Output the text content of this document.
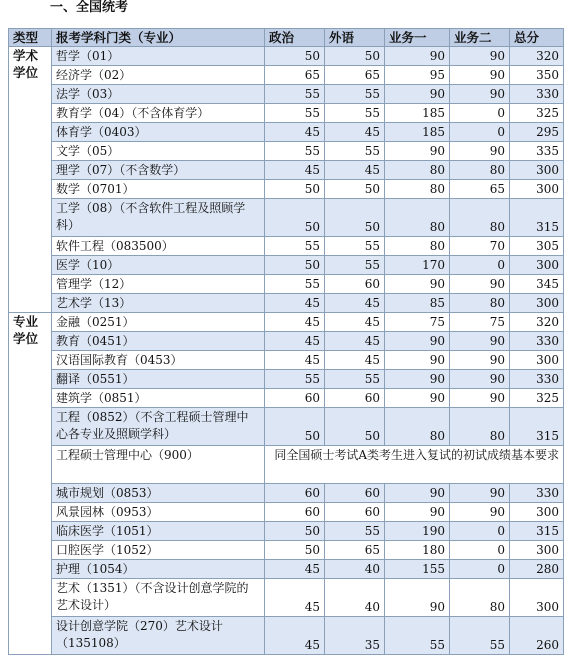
一、全国统考
类型	报考学科门类（专业）	政治	外语	业务一	业务二	总分
学术学位	哲学（01）	50	50	90	90	320
	经济学（02）	65	65	95	90	350
	法学（03）	55	55	90	90	330
	教育学（04）（不含体育学）	55	55	185	0	325
	体育学（0403）	45	45	185	0	295
	文学（05）	55	55	90	90	335
	理学（07）（不含数学）	45	45	80	80	300
	数学（0701）	50	50	80	65	300
	工学（08）（不含软件工程及照顾学科）	50	50	80	80	315
	软件工程（083500）	55	55	80	70	305
	医学（10）	50	55	170	0	300
	管理学（12）	55	60	90	90	345
	艺术学（13）	45	45	85	80	300
专业学位	金融（0251）	45	45	75	75	320
	教育（0451）	45	45	90	90	330
	汉语国际教育（0453）	45	45	90	90	300
	翻译（0551）	55	55	90	90	330
	建筑学（0851）	60	60	90	90	325
	工程（0852）（不含工程硕士管理中心各专业及照顾学科）	50	50	80	80	315
	工程硕士管理中心（900）	同全国硕士考试A类考生进入复试的初试成绩基本要求				
	城市规划（0853）	60	60	90	90	330
	风景园林（0953）	60	60	90	90	300
	临床医学（1051）	50	55	190	0	315
	口腔医学（1052）	50	65	180	0	300
	护理（1054）	45	40	155	0	280
	艺术（1351）（不含设计创意学院的艺术设计）	45	40	90	80	300
	设计创意学院（270）艺术设计（135108）	45	35	55	55	260
